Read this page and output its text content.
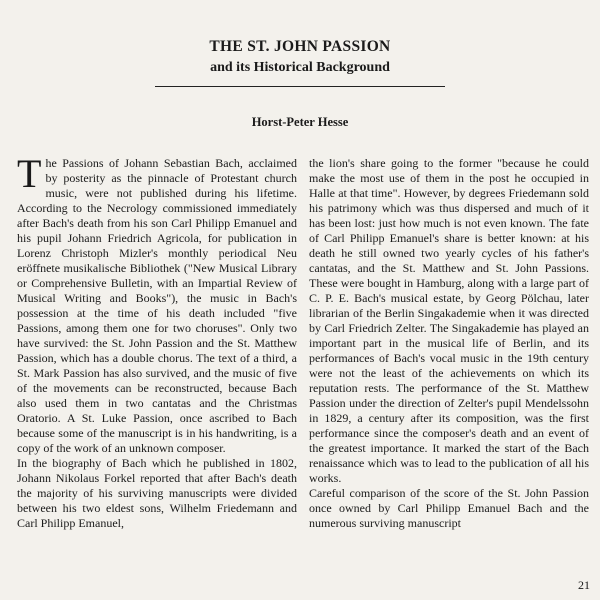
THE ST. JOHN PASSION
and its Historical Background
Horst-Peter Hesse

The Passions of Johann Sebastian Bach, acclaimed by posterity as the pinnacle of Protestant church music, were not published during his lifetime. According to the Necrology commissioned immediately after Bach's death from his son Carl Philipp Emanuel and his pupil Johann Friedrich Agricola, for publication in Lorenz Christoph Mizler's monthly periodical Neu eröffnete musikalische Bibliothek ("New Musical Library or Comprehensive Bulletin, with an Impartial Review of Musical Writing and Books"), the music in Bach's possession at the time of his death included "five Passions, among them one for two choruses". Only two have survived: the St. John Passion and the St. Matthew Passion, which has a double chorus. The text of a third, a St. Mark Passion has also survived, and the music of five of the movements can be reconstructed, because Bach also used them in two cantatas and the Christmas Oratorio. A St. Luke Passion, once ascribed to Bach because some of the manuscript is in his handwriting, is a copy of the work of an unknown composer.

In the biography of Bach which he published in 1802, Johann Nikolaus Forkel reported that after Bach's death the majority of his surviving manuscripts were divided between his two eldest sons, Wilhelm Friedemann and Carl Philipp Emanuel,

the lion's share going to the former "because he could make the most use of them in the post he occupied in Halle at that time". However, by degrees Friedemann sold his patrimony which was thus dispersed and much of it has been lost: just how much is not even known. The fate of Carl Philipp Emanuel's share is better known: at his death he still owned two yearly cycles of his father's cantatas, and the St. Matthew and St. John Passions. These were bought in Hamburg, along with a large part of C. P. E. Bach's musical estate, by Georg Pölchau, later librarian of the Berlin Singakademie when it was directed by Carl Friedrich Zelter. The Singakademie has played an important part in the musical life of Berlin, and its performances of Bach's vocal music in the 19th century were not the least of the achievements on which its reputation rests. The performance of the St. Matthew Passion under the direction of Zelter's pupil Mendelssohn in 1829, a century after its composition, was the first performance since the composer's death and an event of the greatest importance. It marked the start of the Bach renaissance which was to lead to the publication of all his works.

Careful comparison of the score of the St. John Passion once owned by Carl Philipp Emanuel Bach and the numerous surviving manuscript

21
